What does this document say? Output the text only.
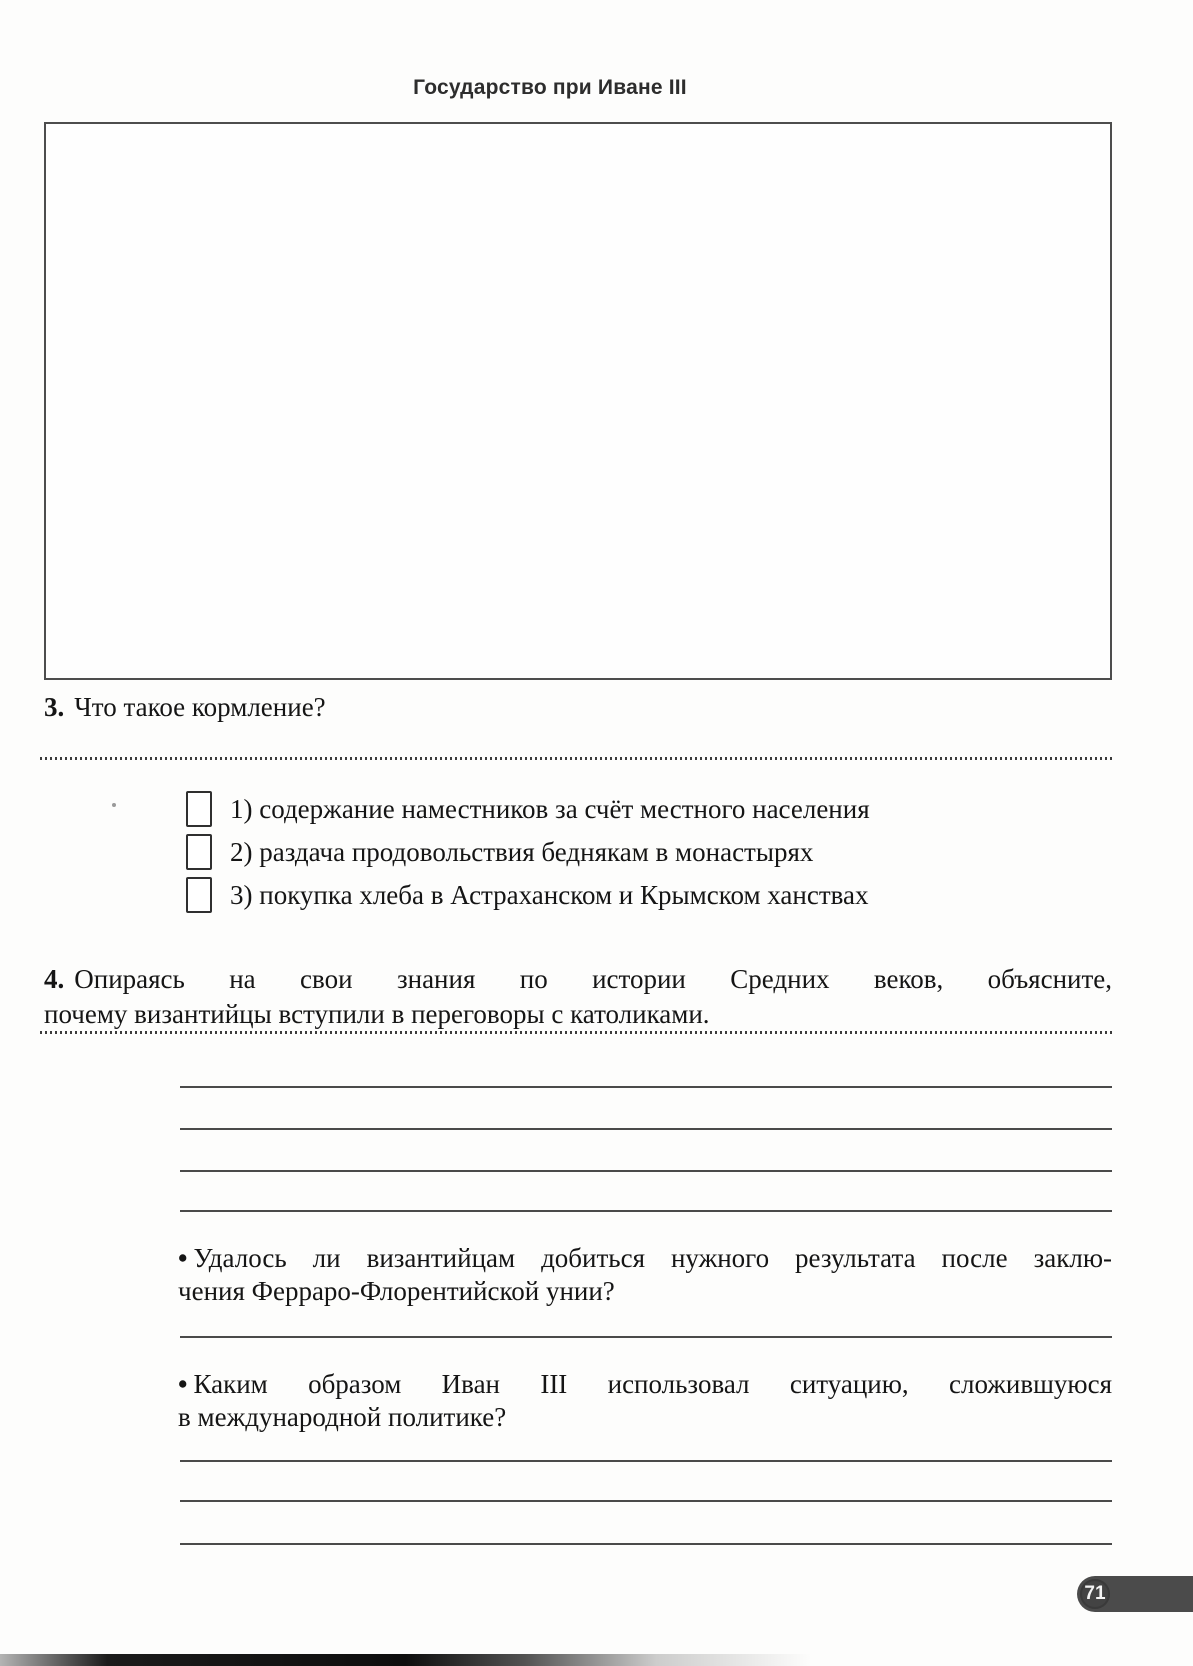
Государство при Иване III
3. Что такое кормление?
1) содержание наместников за счёт местного населения
2) раздача продовольствия беднякам в монастырях
3) покупка хлеба в Астраханском и Крымском ханствах
4. Опираясь на свои знания по истории Средних веков, объясните,
почему византийцы вступили в переговоры с католиками.
• Удалось ли византийцам добиться нужного результата после заклю-
чения Ферраро-Флорентийской унии?
• Каким образом Иван III использовал ситуацию, сложившуюся
в международной политике?
71
